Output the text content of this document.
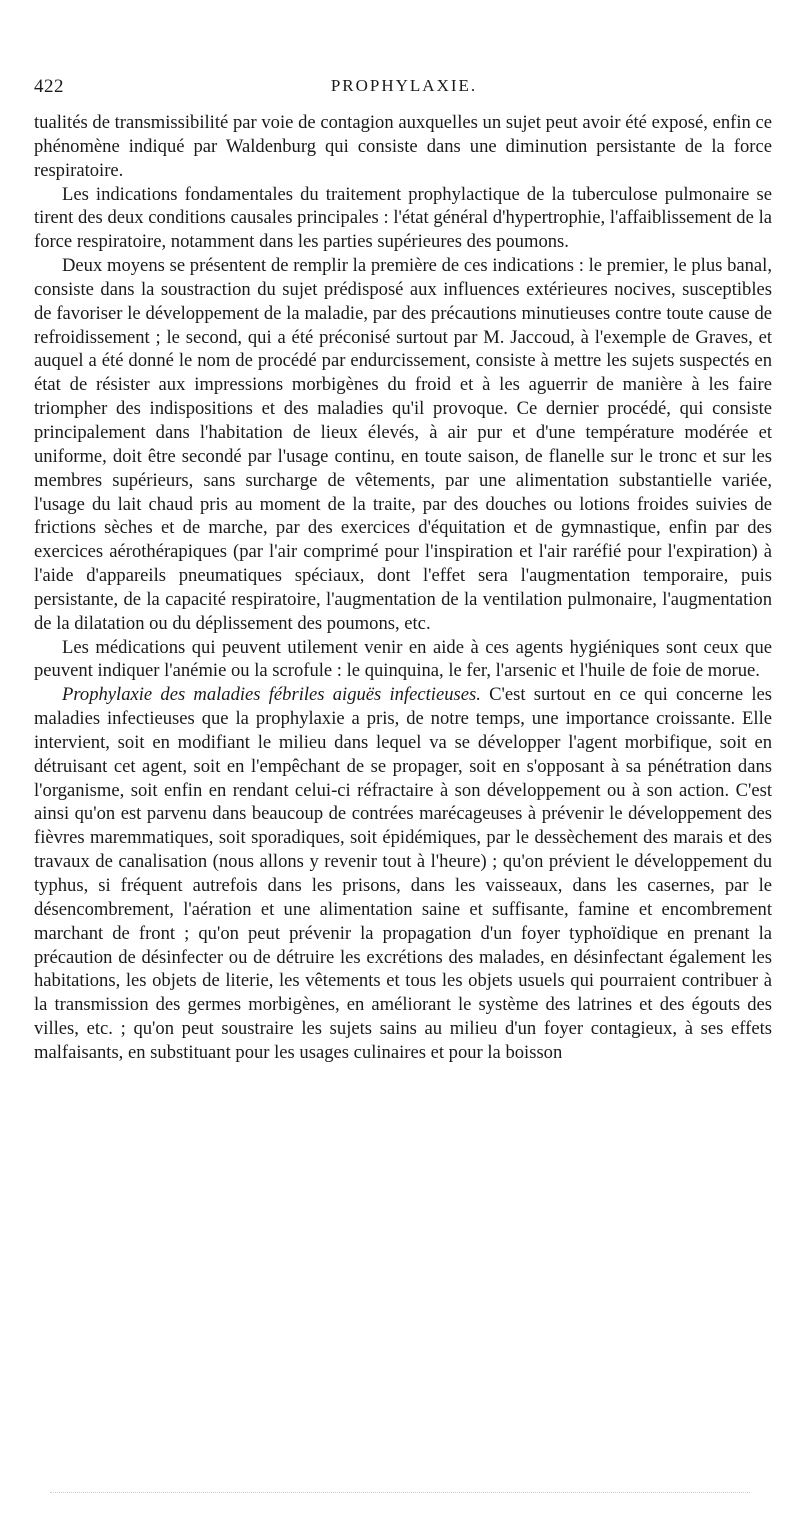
422	PROPHYLAXIE.

tualités de transmissibilité par voie de contagion auxquelles un sujet peut avoir été exposé, enfin ce phénomène indiqué par Waldenburg qui consiste dans une diminution persistante de la force respiratoire.

Les indications fondamentales du traitement prophylactique de la tuberculose pulmonaire se tirent des deux conditions causales principales : l'état général d'hypertrophie, l'affaiblissement de la force respiratoire, notamment dans les parties supérieures des poumons.

Deux moyens se présentent de remplir la première de ces indications : le premier, le plus banal, consiste dans la soustraction du sujet prédisposé aux influences extérieures nocives, susceptibles de favoriser le développement de la maladie, par des précautions minutieuses contre toute cause de refroidissement ; le second, qui a été préconisé surtout par M. Jaccoud, à l'exemple de Graves, et auquel a été donné le nom de procédé par endurcissement, consiste à mettre les sujets suspectés en état de résister aux impressions morbigènes du froid et à les aguerrir de manière à les faire triompher des indispositions et des maladies qu'il provoque. Ce dernier procédé, qui consiste principalement dans l'habitation de lieux élevés, à air pur et d'une température modérée et uniforme, doit être secondé par l'usage continu, en toute saison, de flanelle sur le tronc et sur les membres supérieurs, sans surcharge de vêtements, par une alimentation substantielle variée, l'usage du lait chaud pris au moment de la traite, par des douches ou lotions froides suivies de frictions sèches et de marche, par des exercices d'équitation et de gymnastique, enfin par des exercices aérothérapiques (par l'air comprimé pour l'inspiration et l'air raréfié pour l'expiration) à l'aide d'appareils pneumatiques spéciaux, dont l'effet sera l'augmentation temporaire, puis persistante, de la capacité respiratoire, l'augmentation de la ventilation pulmonaire, l'augmentation de la dilatation ou du déplissement des poumons, etc.

Les médications qui peuvent utilement venir en aide à ces agents hygiéniques sont ceux que peuvent indiquer l'anémie ou la scrofule : le quinquina, le fer, l'arsenic et l'huile de foie de morue.

Prophylaxie des maladies fébriles aiguës infectieuses. C'est surtout en ce qui concerne les maladies infectieuses que la prophylaxie a pris, de notre temps, une importance croissante. Elle intervient, soit en modifiant le milieu dans lequel va se développer l'agent morbifique, soit en détruisant cet agent, soit en l'empêchant de se propager, soit en s'opposant à sa pénétration dans l'organisme, soit enfin en rendant celui-ci réfractaire à son développement ou à son action. C'est ainsi qu'on est parvenu dans beaucoup de contrées marécageuses à prévenir le développement des fièvres maremmatiques, soit sporadiques, soit épidémiques, par le dessèchement des marais et des travaux de canalisation (nous allons y revenir tout à l'heure) ; qu'on prévient le développement du typhus, si fréquent autrefois dans les prisons, dans les vaisseaux, dans les casernes, par le désencombrement, l'aération et une alimentation saine et suffisante, famine et encombrement marchant de front ; qu'on peut prévenir la propagation d'un foyer typhoïdique en prenant la précaution de désinfecter ou de détruire les excrétions des malades, en désinfectant également les habitations, les objets de literie, les vêtements et tous les objets usuels qui pourraient contribuer à la transmission des germes morbigènes, en améliorant le système des latrines et des égouts des villes, etc. ; qu'on peut soustraire les sujets sains au milieu d'un foyer contagieux, à ses effets malfaisants, en substituant pour les usages culinaires et pour la boisson
